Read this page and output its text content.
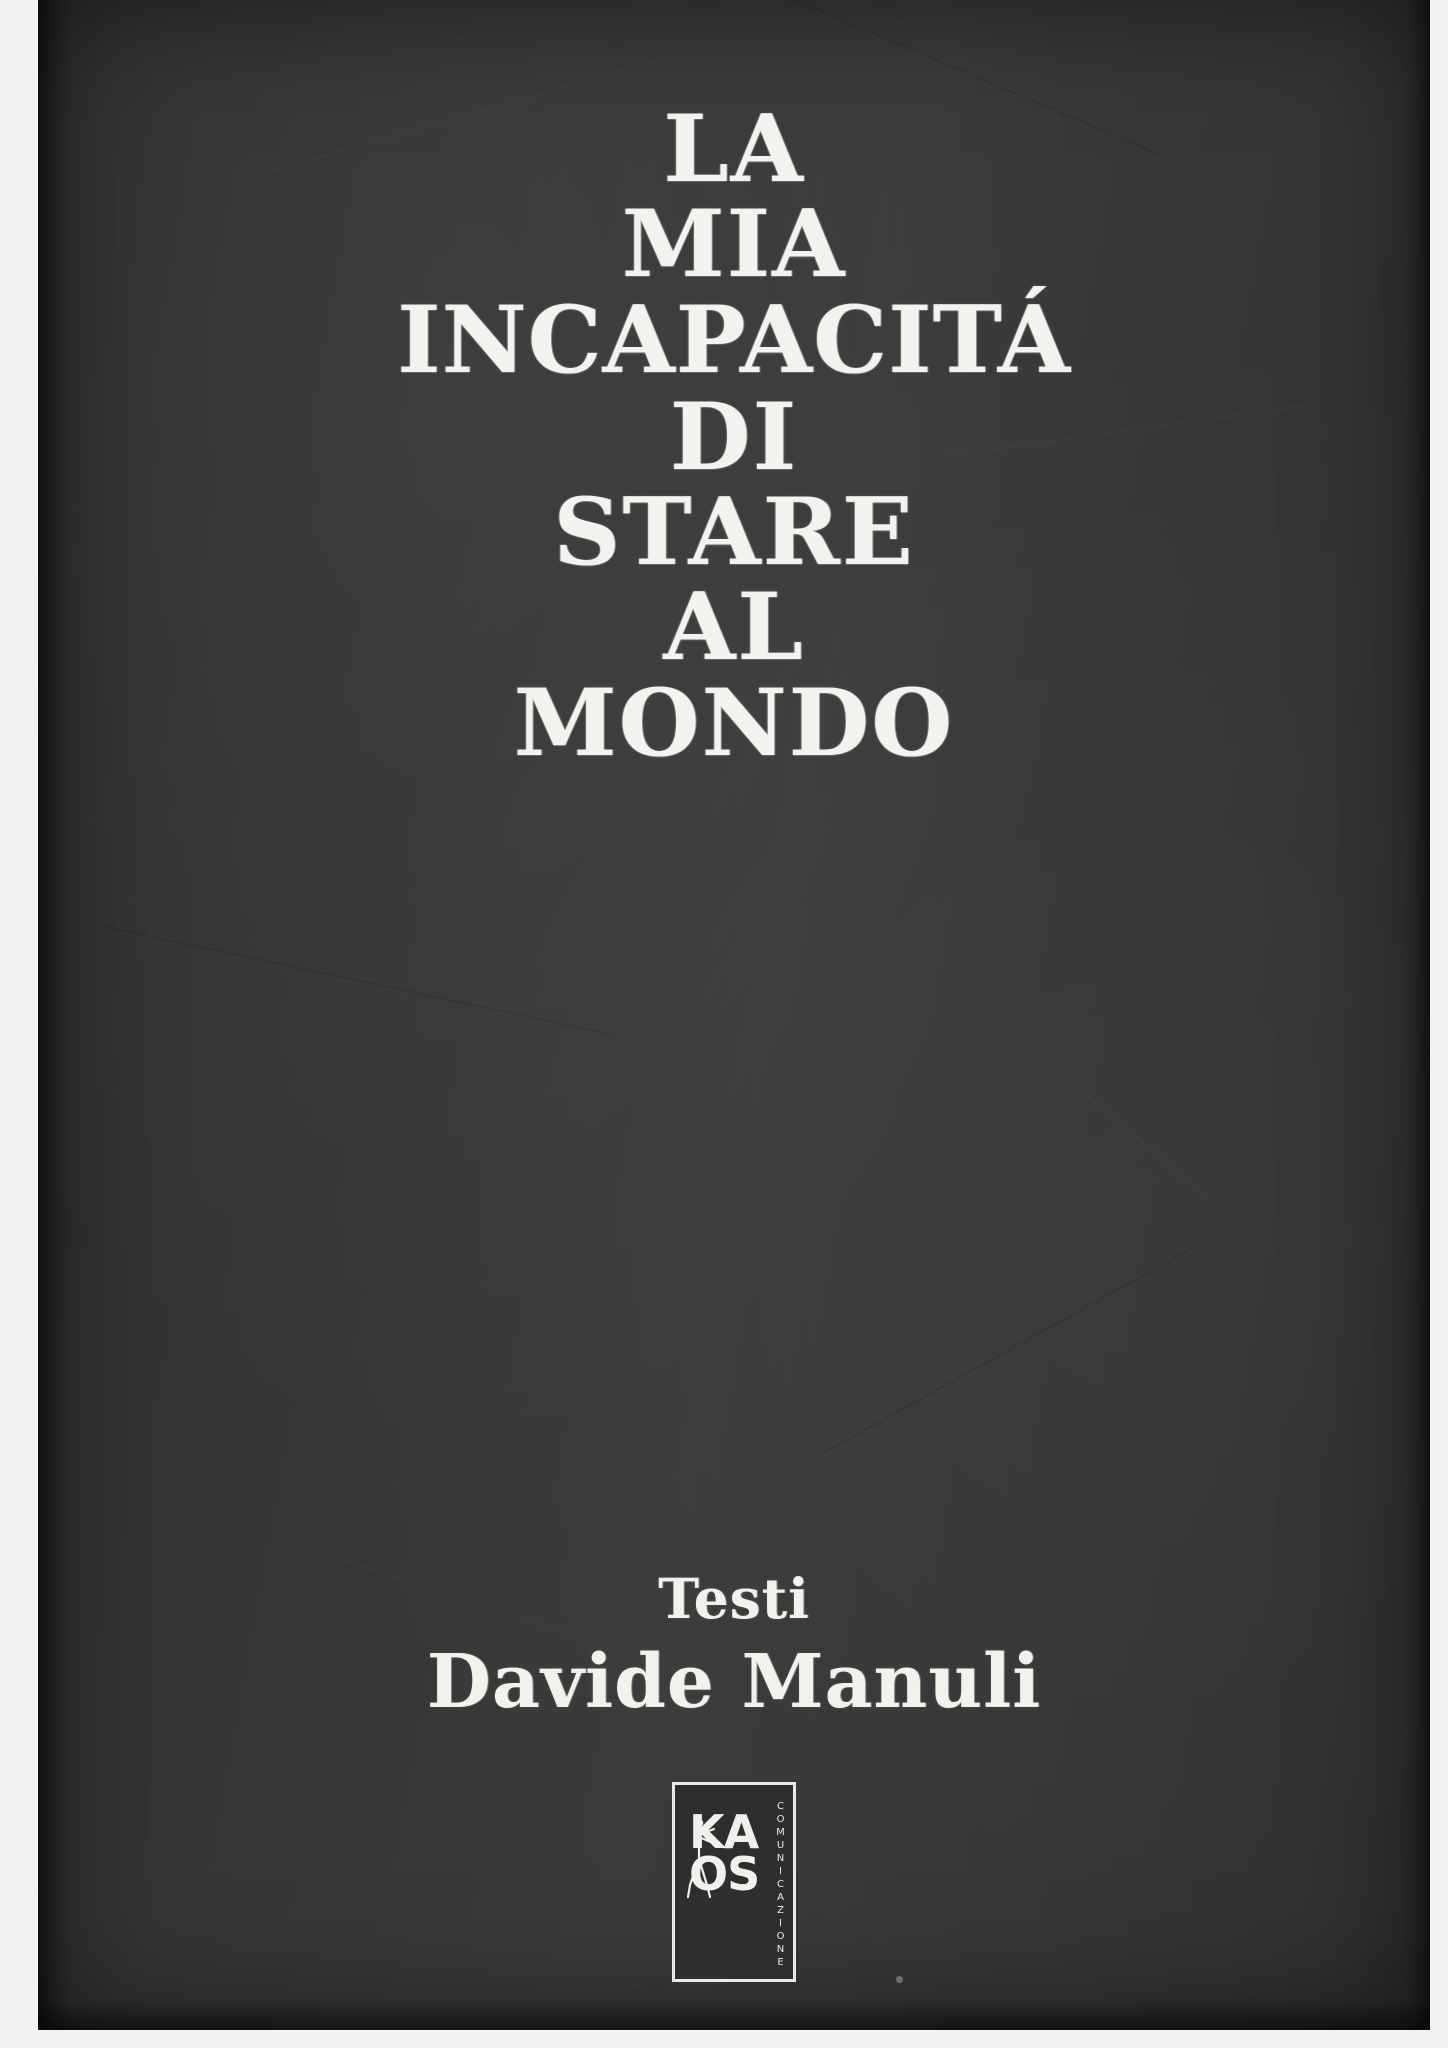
LA
MIA
INCAPACITÁ
DI
STARE
AL
MONDO
Testi
Davide Manuli
KA
OS	COMUNICAZIONE
